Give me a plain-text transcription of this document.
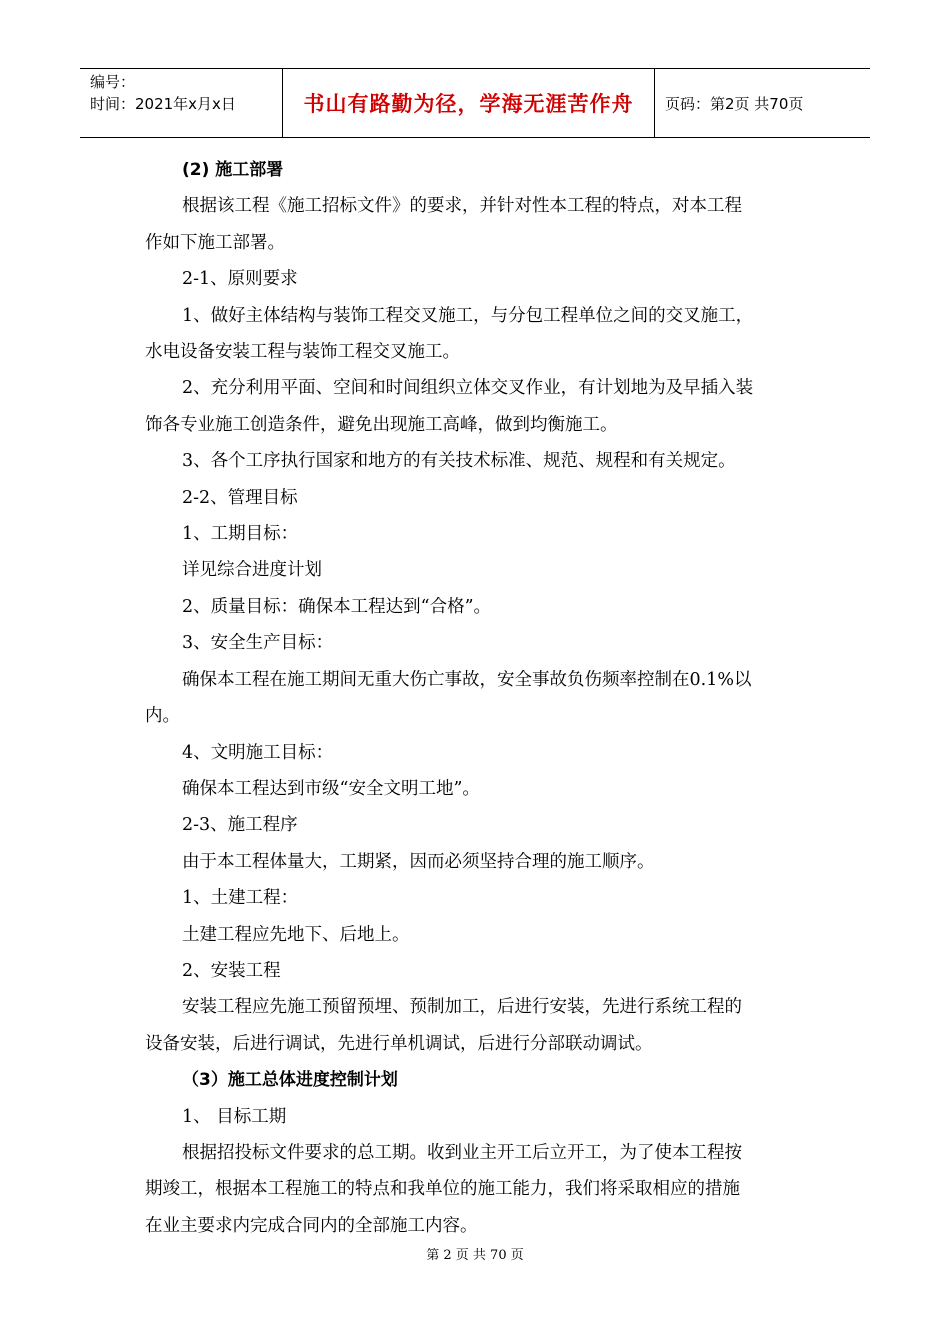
编号：
时间：2021年x月x日	书山有路勤为径，学海无涯苦作舟 页码：第2页 共70页

(2) 施工部署

根据该工程《施工招标文件》的要求，并针对性本工程的特点，对本工程

作如下施工部署。

2-1、原则要求

1、做好主体结构与装饰工程交叉施工，与分包工程单位之间的交叉施工，

水电设备安装工程与装饰工程交叉施工。

2、充分利用平面、空间和时间组织立体交叉作业，有计划地为及早插入装

饰各专业施工创造条件，避免出现施工高峰，做到均衡施工。

3、各个工序执行国家和地方的有关技术标准、规范、规程和有关规定。

2-2、管理目标

1、工期目标：

详见综合进度计划

2、质量目标：确保本工程达到“合格”。

3、安全生产目标：

确保本工程在施工期间无重大伤亡事故，安全事故负伤频率控制在0.1%以

内。

4、文明施工目标：

确保本工程达到市级“安全文明工地”。

2-3、施工程序

由于本工程体量大，工期紧，因而必须坚持合理的施工顺序。

1、土建工程：

土建工程应先地下、后地上。

2、安装工程

安装工程应先施工预留预埋、预制加工，后进行安装，先进行系统工程的

设备安装，后进行调试，先进行单机调试，后进行分部联动调试。

（3）施工总体进度控制计划

1、 目标工期

根据招投标文件要求的总工期。收到业主开工后立开工，为了使本工程按

期竣工，根据本工程施工的特点和我单位的施工能力，我们将采取相应的措施

在业主要求内完成合同内的全部施工内容。

第 2 页 共 70 页
